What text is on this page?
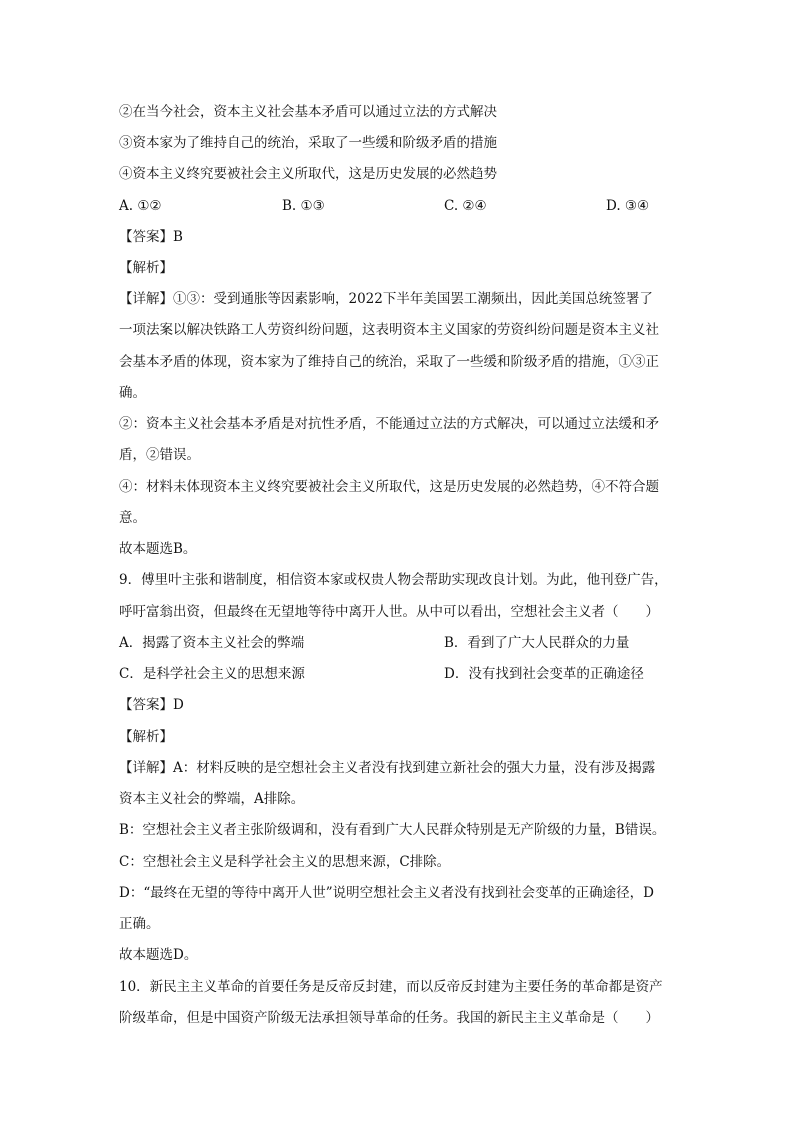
②在当今社会，资本主义社会基本矛盾可以通过立法的方式解决
③资本家为了维持自己的统治，采取了一些缓和阶级矛盾的措施
④资本主义终究要被社会主义所取代，这是历史发展的必然趋势
A. ①②	B. ①③	C. ②④	D. ③④
【答案】B
【解析】
【详解】①③：受到通胀等因素影响，2022下半年美国罢工潮频出，因此美国总统签署了
一项法案以解决铁路工人劳资纠纷问题，这表明资本主义国家的劳资纠纷问题是资本主义社
会基本矛盾的体现，资本家为了维持自己的统治，采取了一些缓和阶级矛盾的措施，①③正
确。
②：资本主义社会基本矛盾是对抗性矛盾，不能通过立法的方式解决，可以通过立法缓和矛
盾，②错误。
④：材料未体现资本主义终究要被社会主义所取代，这是历史发展的必然趋势，④不符合题
意。
故本题选B。
9．傅里叶主张和谐制度，相信资本家或权贵人物会帮助实现改良计划。为此，他刊登广告，
呼吁富翁出资，但最终在无望地等待中离开人世。从中可以看出，空想社会主义者（　　）
A．揭露了资本主义社会的弊端	B．看到了广大人民群众的力量
C．是科学社会主义的思想来源	D．没有找到社会变革的正确途径
【答案】D
【解析】
【详解】A：材料反映的是空想社会主义者没有找到建立新社会的强大力量，没有涉及揭露
资本主义社会的弊端，A排除。
B：空想社会主义者主张阶级调和，没有看到广大人民群众特别是无产阶级的力量，B错误。
C：空想社会主义是科学社会主义的思想来源，C排除。
D：“最终在无望的等待中离开人世”说明空想社会主义者没有找到社会变革的正确途径，D
正确。
故本题选D。
10．新民主主义革命的首要任务是反帝反封建，而以反帝反封建为主要任务的革命都是资产
阶级革命，但是中国资产阶级无法承担领导革命的任务。我国的新民主主义革命是（　　）
